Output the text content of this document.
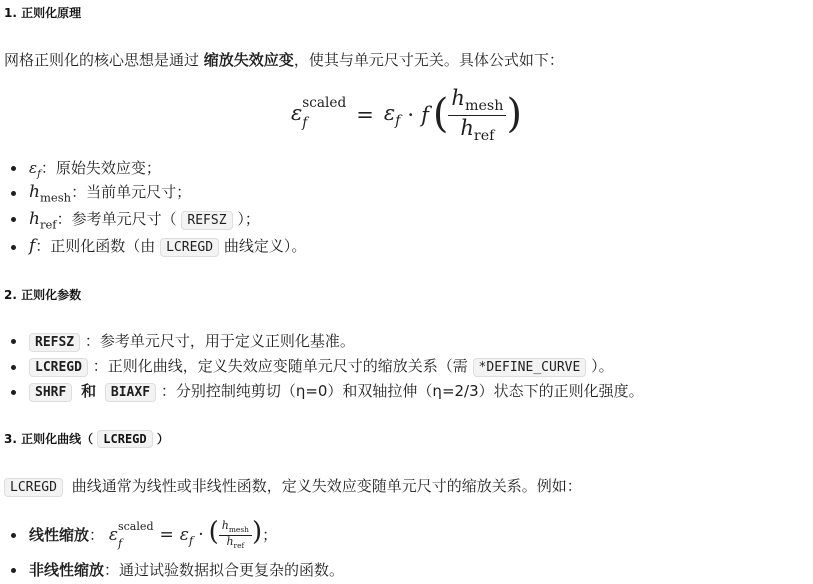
1. 正则化原理
网格正则化的核心思想是通过 缩放失效应变，使其与单元尺寸无关。具体公式如下：
ε scaled
f	= $\varepsilon_f \cdot f$ ( $\frac{h_{mesh}}{h_{ref}}$ )
$\varepsilon_f$：原始失效应变；
$h_{mesh}$：当前单元尺寸；
$h_{ref}$：参考单元尺寸（ REFSZ ）；
f：正则化函数（由 LCREGD 曲线定义）。
2. 正则化参数
REFSZ ：参考单元尺寸，用于定义正则化基准。
LCREGD ：正则化曲线，定义失效应变随单元尺寸的缩放关系（需 *DEFINE_CURVE ）。
SHRF 和 BIAXF ：分别控制纯剪切（η=0）和双轴拉伸（η=2/3）状态下的正则化强度。
3. 正则化曲线（ LCREGD ）
LCREGD 曲线通常为线性或非线性函数，定义失效应变随单元尺寸的缩放关系。例如：
线性缩放： ε scaled
f	= $\varepsilon_f$ · ( $\frac{h_{mesh}}{h_{ref}}$ )；
非线性缩放：通过试验数据拟合更复杂的函数。
